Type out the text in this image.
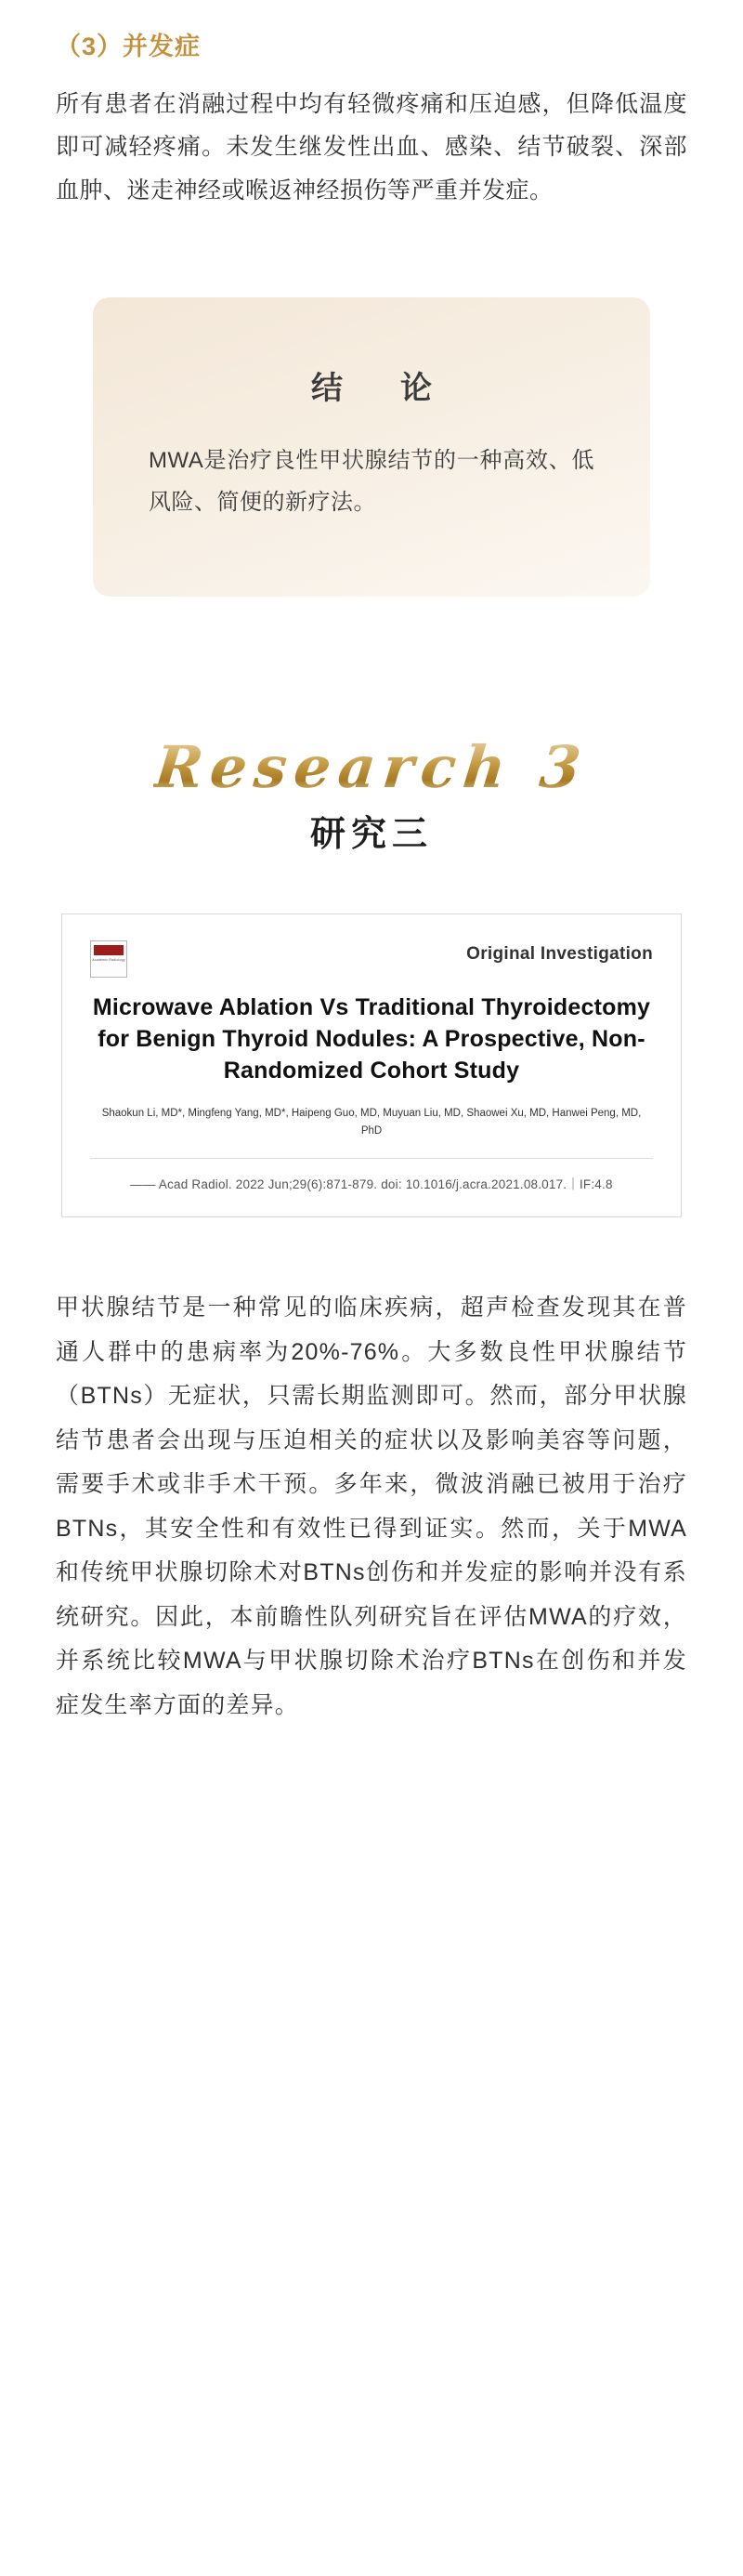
（3）并发症
所有患者在消融过程中均有轻微疼痛和压迫感，但降低温度即可减轻疼痛。未发生继发性出血、感染、结节破裂、深部血肿、迷走神经或喉返神经损伤等严重并发症。
结　论
MWA是治疗良性甲状腺结节的一种高效、低风险、简便的新疗法。
Research 3
研究三
Academic Radiology	Original Investigation
Microwave Ablation Vs Traditional Thyroidectomy for Benign Thyroid Nodules: A Prospective, Non-Randomized Cohort Study
Shaokun Li, MD*, Mingfeng Yang, MD*, Haipeng Guo, MD, Muyuan Liu, MD, Shaowei Xu, MD, Hanwei Peng, MD, PhD
—— Acad Radiol. 2022 Jun;29(6):871-879. doi: 10.1016/j.acra.2021.08.017.｜IF:4.8
甲状腺结节是一种常见的临床疾病，超声检查发现其在普通人群中的患病率为20%-76%。大多数良性甲状腺结节（BTNs）无症状，只需长期监测即可。然而，部分甲状腺结节患者会出现与压迫相关的症状以及影响美容等问题，需要手术或非手术干预。多年来，微波消融已被用于治疗BTNs，其安全性和有效性已得到证实。然而，关于MWA和传统甲状腺切除术对BTNs创伤和并发症的影响并没有系统研究。因此，本前瞻性队列研究旨在评估MWA的疗效，并系统比较MWA与甲状腺切除术治疗BTNs在创伤和并发症发生率方面的差异。
